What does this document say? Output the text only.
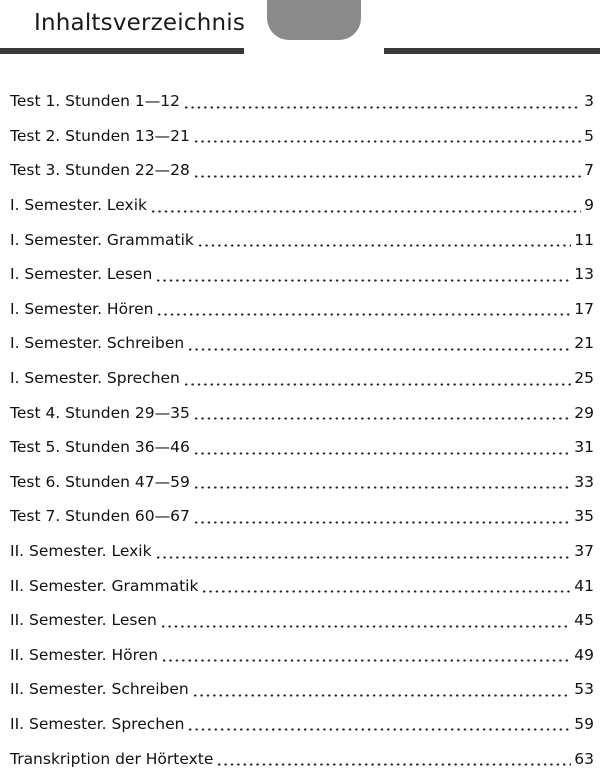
Inhaltsverzeichnis
Test 1. Stunden 1—12	3
Test 2. Stunden 13—21	5
Test 3. Stunden 22—28	7
I. Semester. Lexik	9
I. Semester. Grammatik	11
I. Semester. Lesen	13
I. Semester. Hören	17
I. Semester. Schreiben	21
I. Semester. Sprechen	25
Test 4. Stunden 29—35	29
Test 5. Stunden 36—46	31
Test 6. Stunden 47—59	33
Test 7. Stunden 60—67	35
II. Semester. Lexik	37
II. Semester. Grammatik	41
II. Semester. Lesen	45
II. Semester. Hören	49
II. Semester. Schreiben	53
II. Semester. Sprechen	59
Transkription der Hörtexte	63
